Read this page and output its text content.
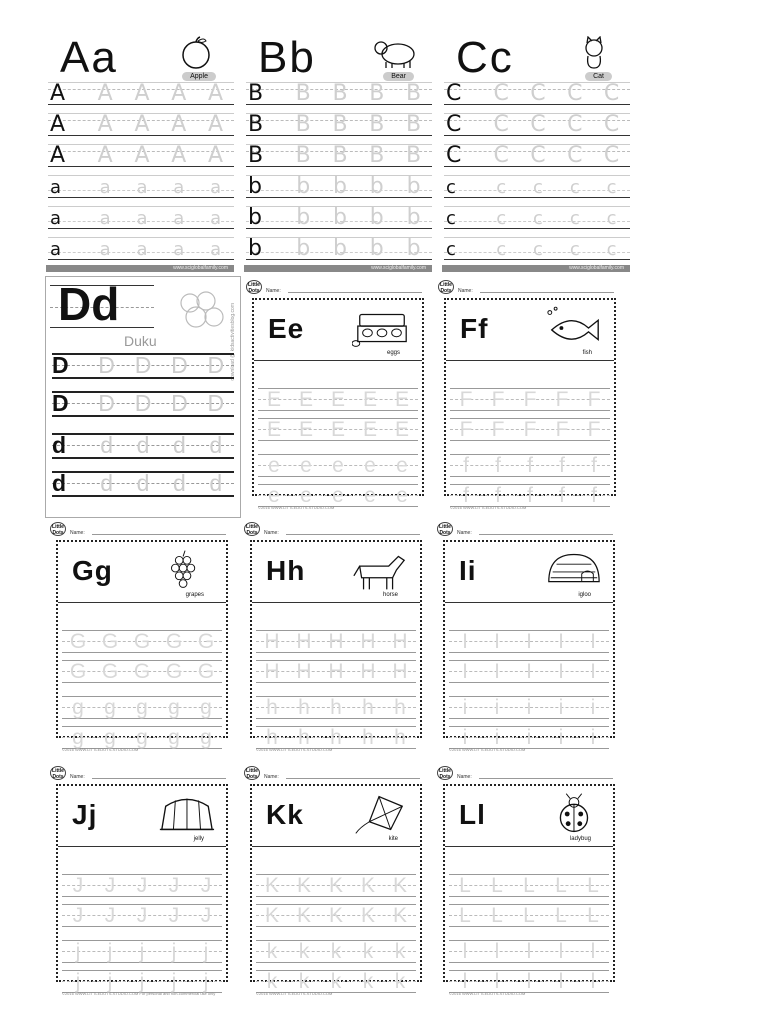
Aa	Apple
A	A A A A
A	A A A A
A	A A A A
a	a	a	a	a
a	a	a	a	a
a	a	a	a	a
www.sciglobalfamily.com
Bb	Bear
B	B B B B
B	B B B B
B	B B B B
b	b	b	b	b
b	b	b	b	b
b	b	b	b	b
www.sciglobalfamily.com
Cc	Cat
C	C C C C
C	C C C C
C	C C C C
c	c	c	c	c
c	c	c	c	c
c	c	c	c	c
www.sciglobalfamily.com
Dd
Duku	download @ kidsactivitiesblog.com
D	D D D D
D	D D D D
d	d	d	d	d
d	d	d	d	d
Little Dots	Name:
Ee
eggs
E E E E E
E E E E E
e e e e e
e e e e e
©2016 WWW.LITTLEDOTS-STUDIO.COM
Little Dots	Name:
Ff
fish
F F F F F
F F F F F
f	f	f	f	f
f	f	f	f	f
©2016 WWW.LITTLEDOTS-STUDIO.COM
Little Dots	Name:
Gg
grapes
G G G G G
G G G G G
g g g g g
g g g g g
©2016 WWW.LITTLEDOTS-STUDIO.COM
Little Dots	Name:
Hh
horse
H H H H H
H H H H H
h h h h h
h h h h h
©2016 WWW.LITTLEDOTS-STUDIO.COM
Little Dots	Name:
Ii
igloo
I	I	I	I	I
I	I	I	I	I
i	i	i	i	i
i	i	i	i	i
©2016 WWW.LITTLEDOTS-STUDIO.COM
Little Dots	Name:
Jj
jelly
J	J	J	J	J
J	J	J	J	J
j	j	j	j	j
j	j	j	j	j
©2016 WWW.LITTLEDOTS-STUDIO.COM For personal and non-commercial use only
Little Dots	Name:
Kk
kite
K K K K K
K K K K K
k	k	k	k	k
k	k	k	k	k
©2016 WWW.LITTLEDOTS-STUDIO.COM
Little Dots	Name:
Ll
ladybug
L L L L L
L L L L L
l	l	l	l	l
l	l	l	l	l
©2016 WWW.LITTLEDOTS-STUDIO.COM
